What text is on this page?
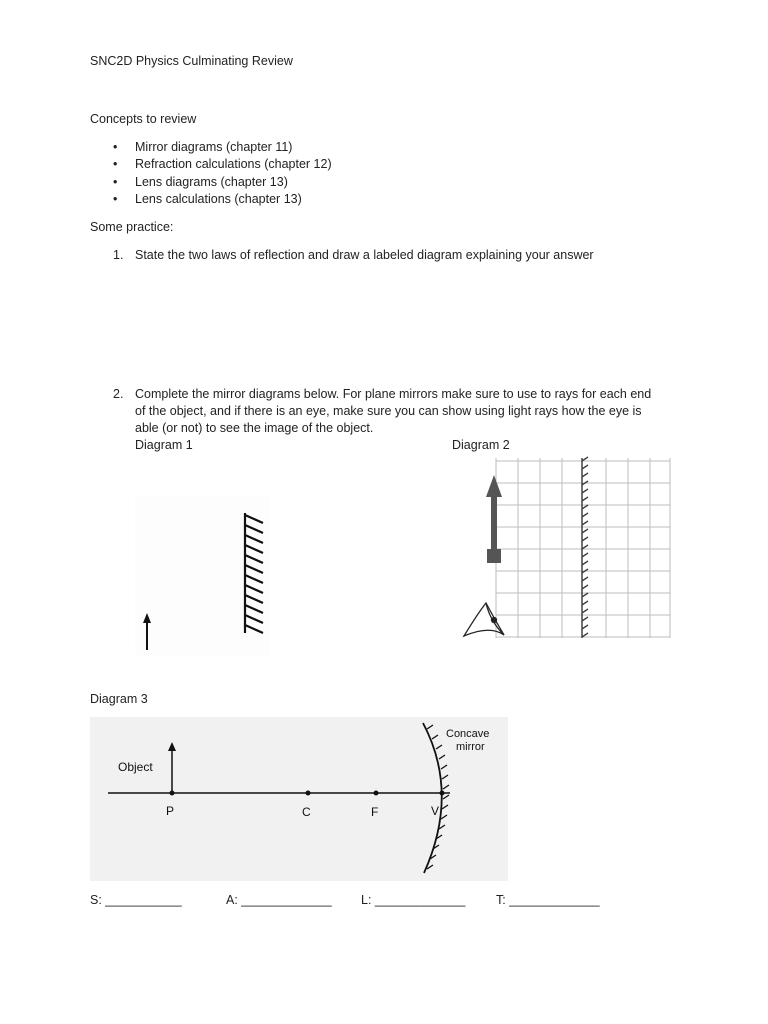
SNC2D Physics Culminating Review
Concepts to review
• Mirror diagrams (chapter 11)
• Refraction calculations (chapter 12)
• Lens diagrams (chapter 13)
• Lens calculations (chapter 13)
Some practice:
1. State the two laws of reflection and draw a labeled diagram explaining your answer
2. Complete the mirror diagrams below. For plane mirrors make sure to use to rays for each end
of the object, and if there is an eye, make sure you can show using light rays how the eye is
able (or not) to see the image of the object.
Diagram 1	Diagram 2
Diagram 3
Object
P	C	F	V
Concave
mirror
S: ___________	A: _____________ L: _____________ T: _____________
